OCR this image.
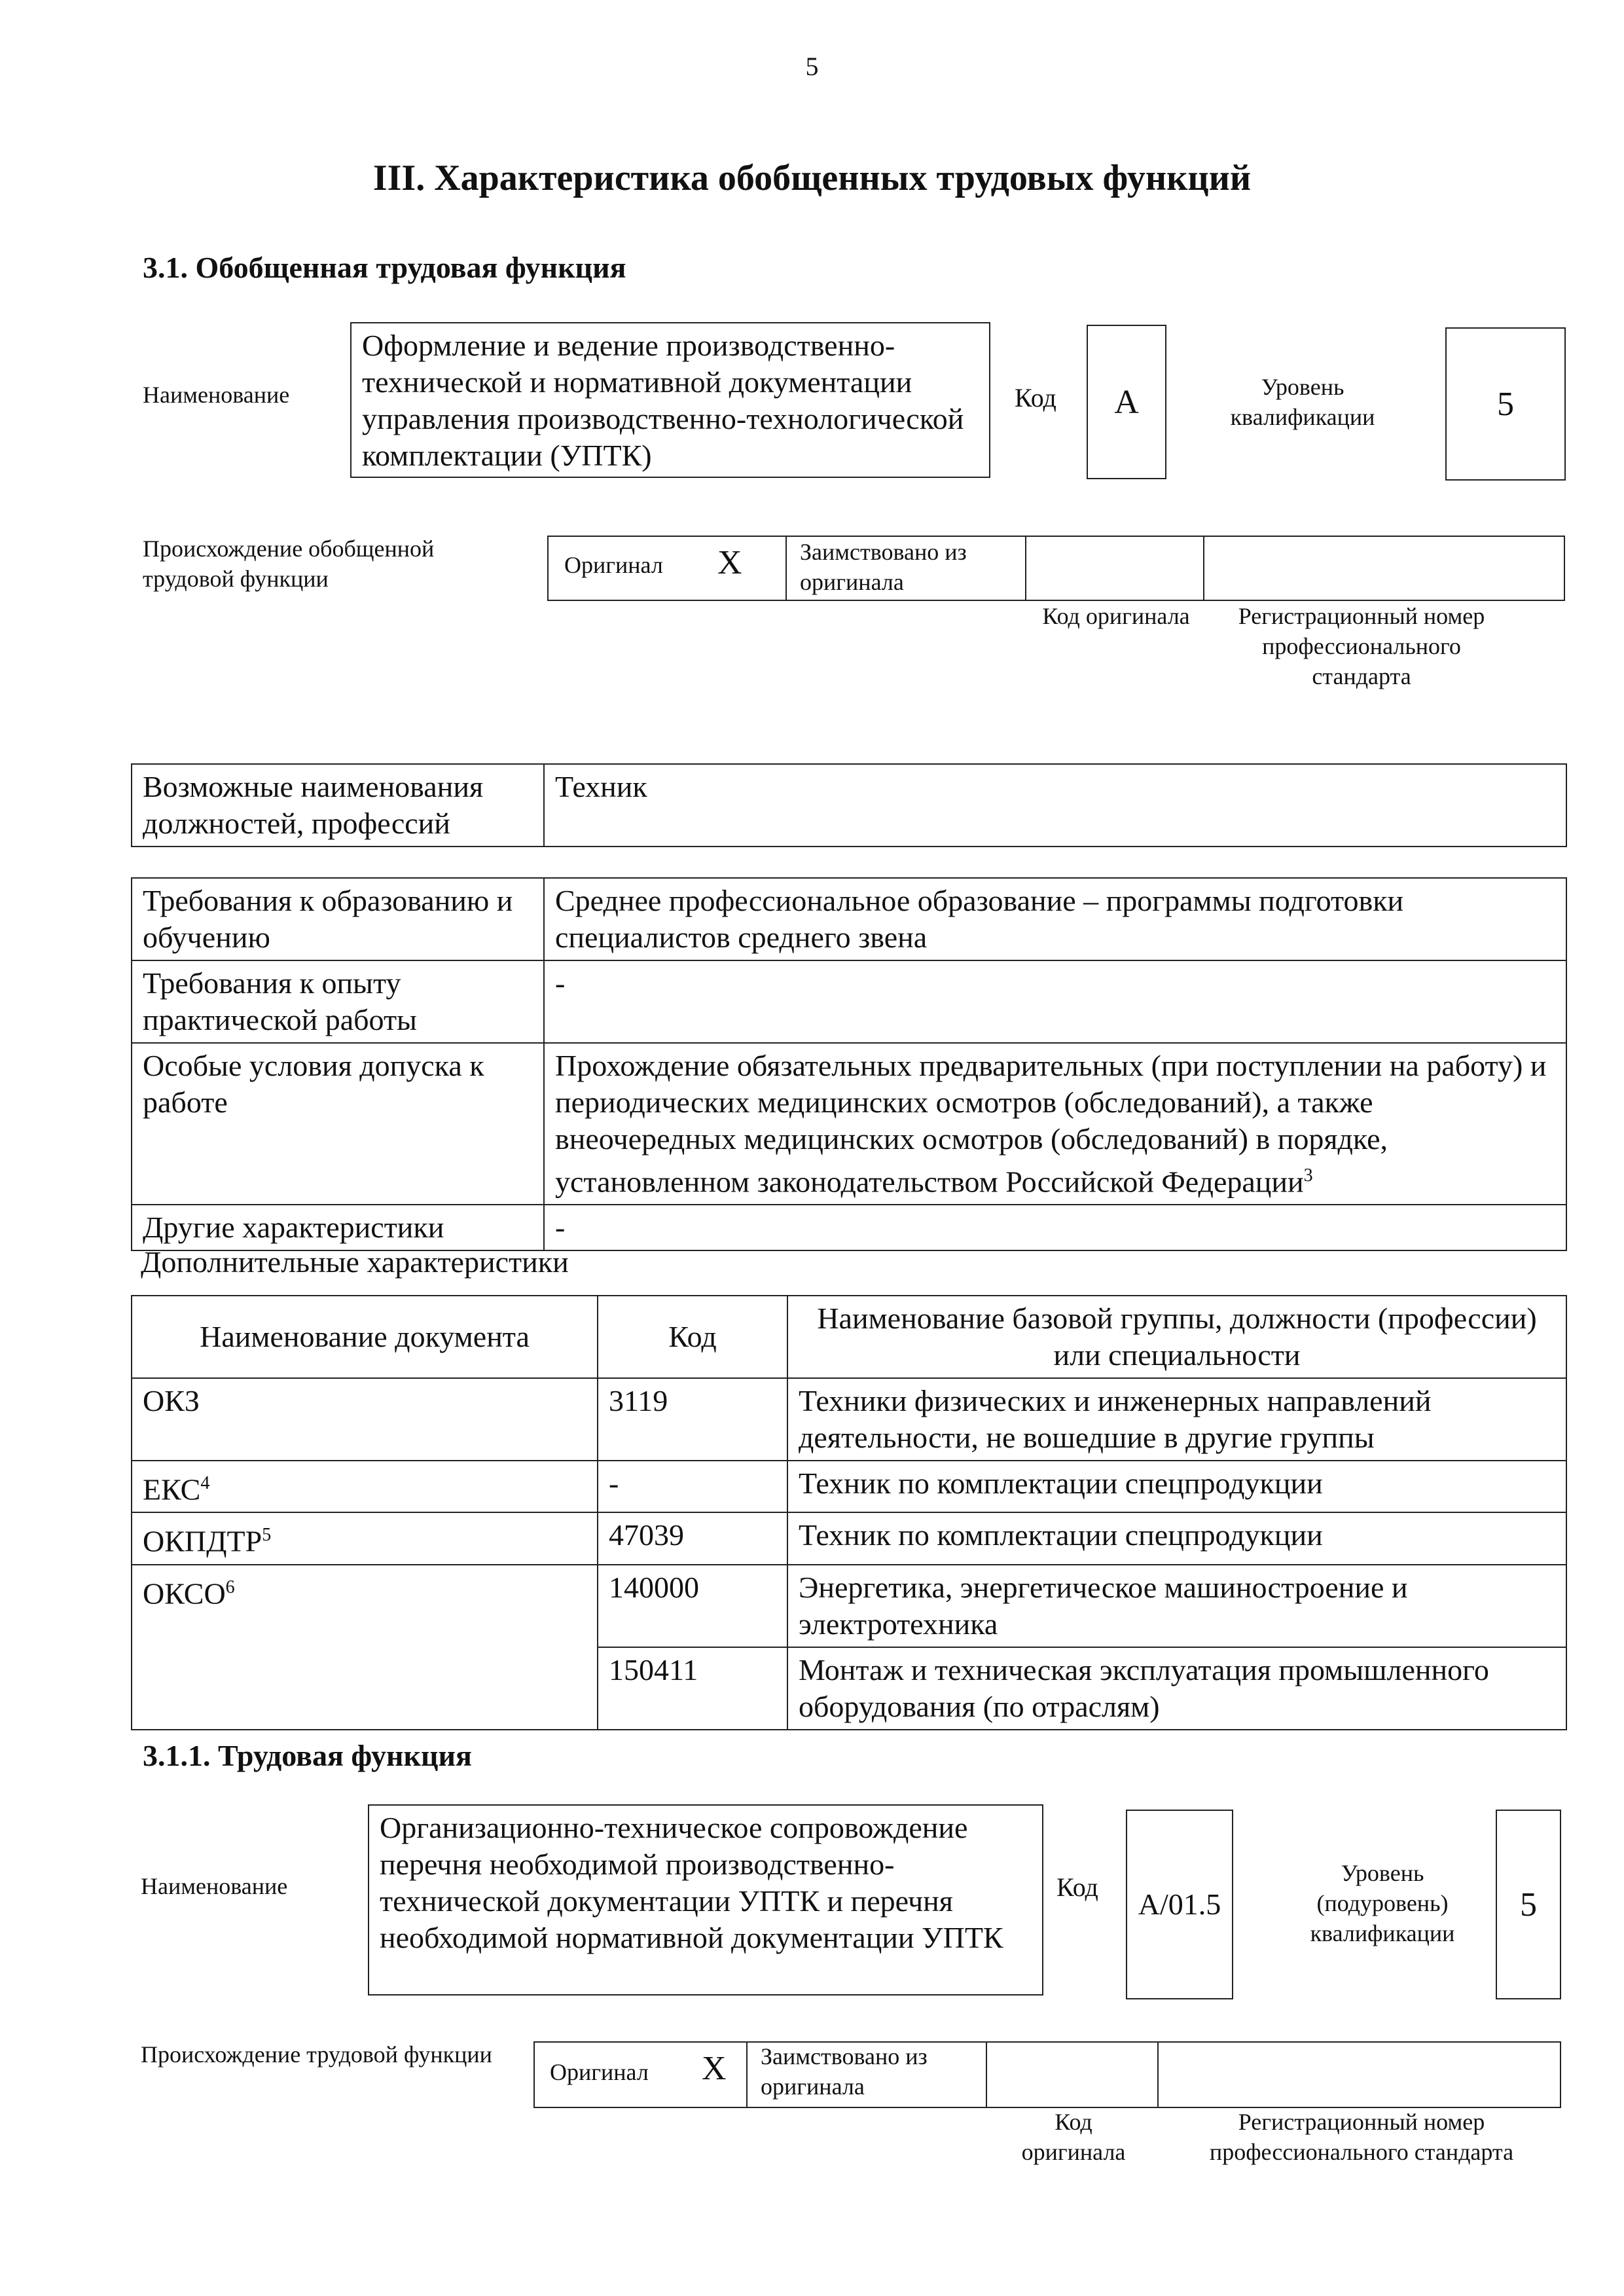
5
III. Характеристика обобщенных трудовых функций
3.1. Обобщенная трудовая функция
Наименование
Оформление и ведение производственно-технической и нормативной документации управления производственно-технологической комплектации (УПТК)
Код А	Уровень квалификации	5
Происхождение обобщенной трудовой функции
Оригинал Х Заимствовано из оригинала
Код оригинала	Регистрационный номер профессионального стандарта
Возможные наименования должностей, профессий	Техник
Требования к образованию и обучению	Среднее профессиональное образование – программы подготовки специалистов среднего звена
Требования к опыту практической работы	-
Особые условия допуска к работе	Прохождение обязательных предварительных (при поступлении на работу) и периодических медицинских осмотров (обследований), а также внеочередных медицинских осмотров (обследований) в порядке, установленном законодательством Российской Федерации$^3$
Другие характеристики	-
Дополнительные характеристики
Наименование документа	Код	Наименование базовой группы, должности (профессии) или специальности
ОКЗ	3119	Техники физических и инженерных направлений деятельности, не вошедшие в другие группы
ЕКС$^4$	-	Техник по комплектации спецпродукции
ОКПДТР$^5$	47039	Техник по комплектации спецпродукции
ОКСО$^6$	140000	Энергетика, энергетическое машиностроение и электротехника
	150411	Монтаж и техническая эксплуатация промышленного оборудования (по отраслям)
3.1.1. Трудовая функция
Наименование
Организационно-техническое сопровождение перечня необходимой производственно-технической документации УПТК и перечня необходимой нормативной документации УПТК
Код
А/01.5
Уровень (подуровень) квалификации
5
Происхождение трудовой функции
Оригинал Х Заимствовано из оригинала
Код оригинала
Регистрационный номер профессионального стандарта
